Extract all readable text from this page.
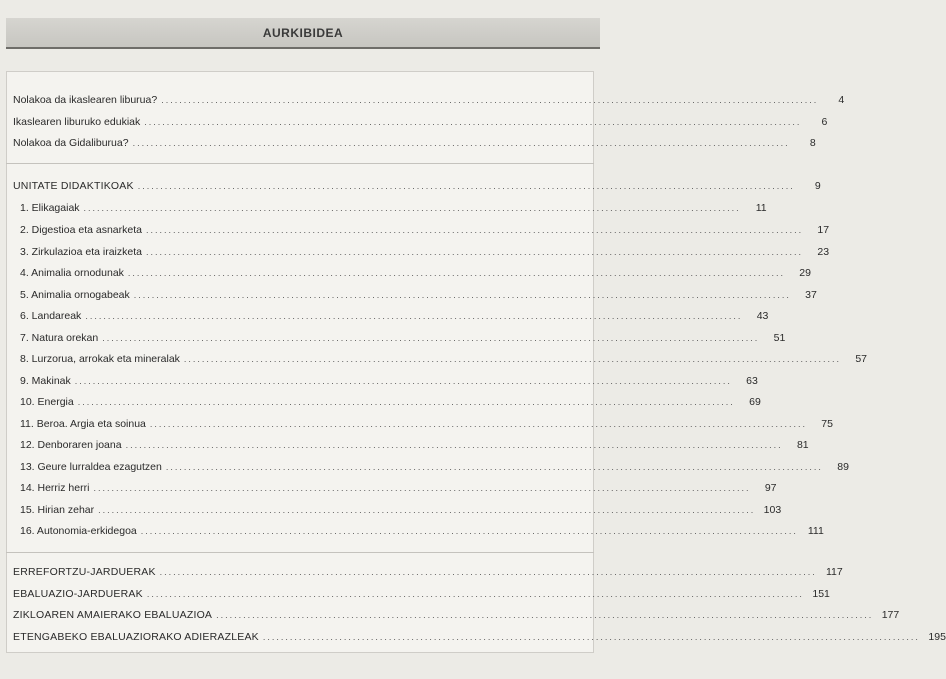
AURKIBIDEA
Nolakoa da ikaslearen liburua? ..................................................................................................................................................	4
Ikaslearen liburuko edukiak ..................................................................................................................................................	6
Nolakoa da Gidaliburua? ..................................................................................................................................................	8
UNITATE DIDAKTIKOAK ..................................................................................................................................................	9
1. Elikagaiak ..................................................................................................................................................	11
2. Digestioa eta asnarketa ..................................................................................................................................................	17
3. Zirkulazioa eta iraizketa ..................................................................................................................................................	23
4. Animalia ornodunak ..................................................................................................................................................	29
5. Animalia ornogabeak ..................................................................................................................................................	37
6. Landareak ..................................................................................................................................................	43
7. Natura orekan ..................................................................................................................................................	51
8. Lurzorua, arrokak eta mineralak ..................................................................................................................................................	57
9. Makinak ..................................................................................................................................................	63
10. Energia ..................................................................................................................................................	69
11. Beroa. Argia eta soinua ..................................................................................................................................................	75
12. Denboraren joana ..................................................................................................................................................	81
13. Geure lurraldea ezagutzen ..................................................................................................................................................	89
14. Herriz herri ..................................................................................................................................................	97
15. Hirian zehar .................................................................................................................................................. 103
16. Autonomia-erkidegoa .................................................................................................................................................. 111
ERREFORTZU-JARDUERAK .................................................................................................................................................. 117
EBALUAZIO-JARDUERAK .................................................................................................................................................. 151
ZIKLOAREN AMAIERAKO EBALUAZIOA .................................................................................................................................................. 177
ETENGABEKO EBALUAZIORAKO ADIERAZLEAK .................................................................................................................................................. 195
